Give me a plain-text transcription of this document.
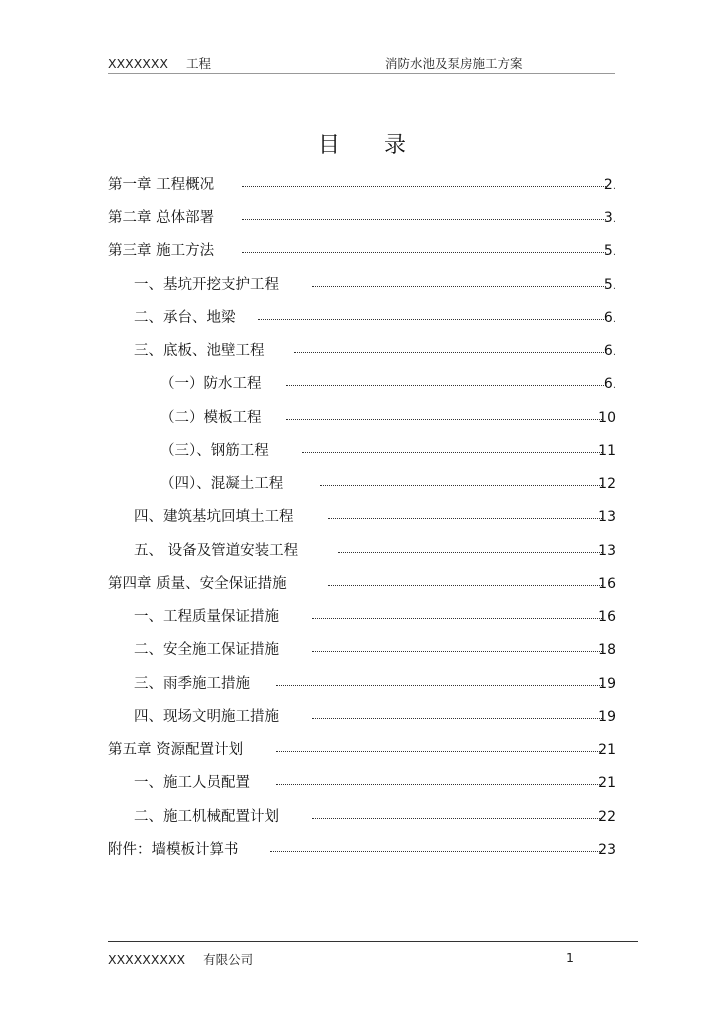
XXXXXXX 工程	消防水池及泵房施工方案
目 录
第一章 工程概况	2 .
第二章 总体部署	3 .
第三章 施工方法	5 .
一、基坑开挖支护工程	5 .
二、承台、地梁	6 .
三、底板、池壁工程	6 .
（一）防水工程	6 .
（二）模板工程	10
（三）、钢筋工程	11
（四）、混凝土工程	12
四、建筑基坑回填土工程	13
五、 设备及管道安装工程	13
第四章 质量、安全保证措施	16
一、工程质量保证措施	16
二、安全施工保证措施	18
三、雨季施工措施	19
四、现场文明施工措施	19
第五章 资源配置计划	21
一、施工人员配置	21
二、施工机械配置计划	22
附件：墙模板计算书	23
XXXXXXXXX 有限公司	1
